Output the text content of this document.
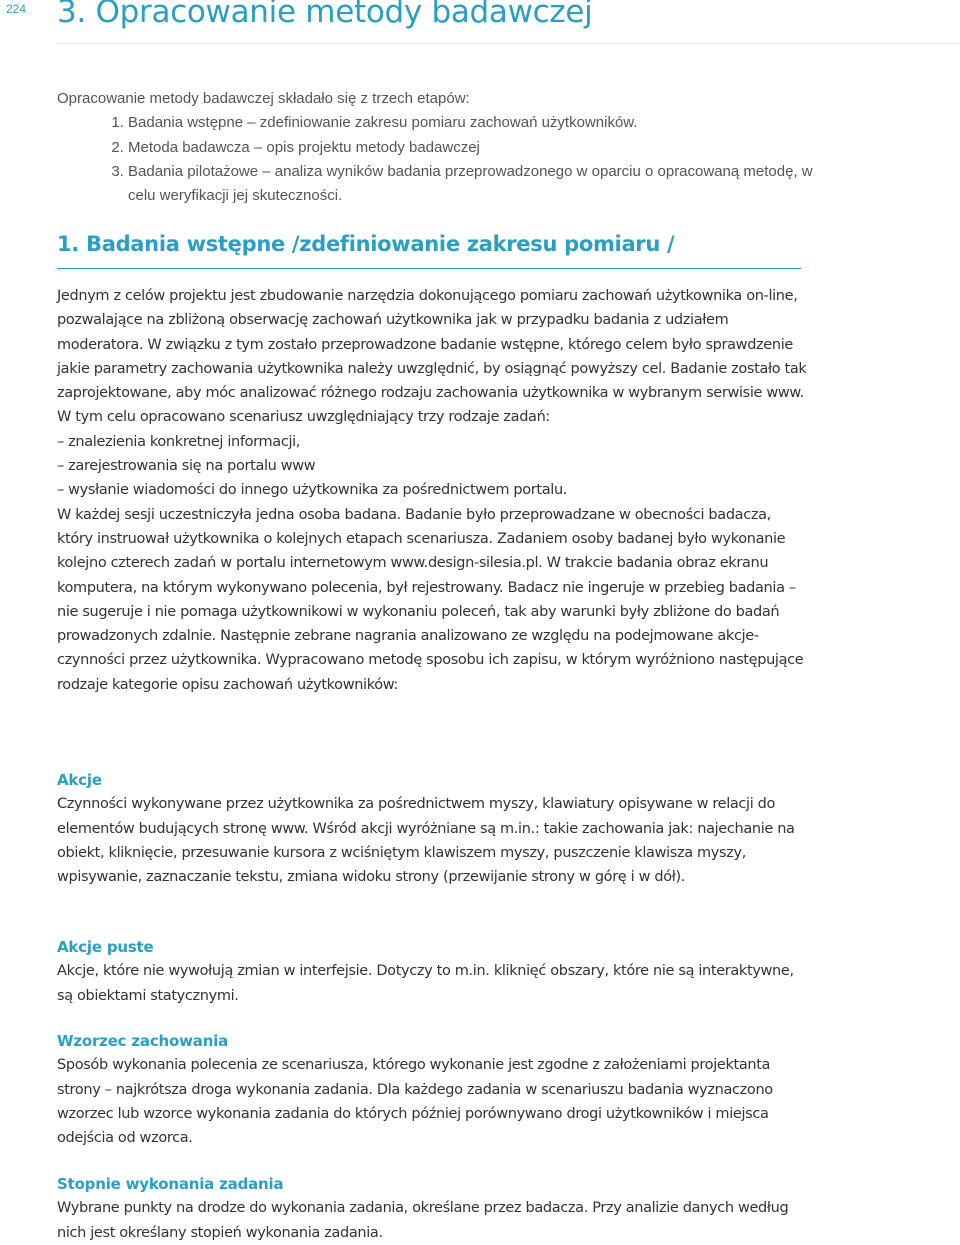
224 3. Opracowanie metody badawczej

Opracowanie metody badawczej składało się z trzech etapów:

1. Badania wstępne – zdefiniowanie zakresu pomiaru zachowań użytkowników.
2. Metoda badawcza – opis projektu metody badawczej
3. Badania pilotażowe – analiza wyników badania przeprowadzonego w oparciu o opracowaną metodę, w celu weryfikacji jej skuteczności.
1. Badania wstępne /zdefiniowanie zakresu pomiaru /

Jednym z celów projektu jest zbudowanie narzędzia dokonującego pomiaru zachowań użytkownika on-line, pozwalające na zbliżoną obserwację zachowań użytkownika jak w przypadku badania z udziałem moderatora. W związku z tym zostało przeprowadzone badanie wstępne, którego celem było sprawdzenie jakie parametry zachowania użytkownika należy uwzględnić, by osiągnąć powyższy cel. Badanie zostało tak zaprojektowane, aby móc analizować różnego rodzaju zachowania użytkownika w wybranym serwisie www.

W tym celu opracowano scenariusz uwzględniający trzy rodzaje zadań:

– znalezienia konkretnej informacji,

– zarejestrowania się na portalu www

– wysłanie wiadomości do innego użytkownika za pośrednictwem portalu.

W każdej sesji uczestniczyła jedna osoba badana. Badanie było przeprowadzane w obecności badacza, który instruował użytkownika o kolejnych etapach scenariusza. Zadaniem osoby badanej było wykonanie kolejno czterech zadań w portalu internetowym www.design-silesia.pl. W trakcie badania obraz ekranu komputera, na którym wykonywano polecenia, był rejestrowany. Badacz nie ingeruje w przebieg badania – nie sugeruje i nie pomaga użytkownikowi w wykonaniu poleceń, tak aby warunki były zbliżone do badań prowadzonych zdalnie. Następnie zebrane nagrania analizowano ze względu na podejmowane akcje-czynności przez użytkownika. Wypracowano metodę sposobu ich zapisu, w którym wyróżniono następujące rodzaje kategorie opisu zachowań użytkowników:

Akcje

Czynności wykonywane przez użytkownika za pośrednictwem myszy, klawiatury opisywane w relacji do elementów budujących stronę www. Wśród akcji wyróżniane są m.in.: takie zachowania jak: najechanie na obiekt, kliknięcie, przesuwanie kursora z wciśniętym klawiszem myszy, puszczenie klawisza myszy, wpisywanie, zaznaczanie tekstu, zmiana widoku strony (przewijanie strony w górę i w dół).

Akcje puste

Akcje, które nie wywołują zmian w interfejsie. Dotyczy to m.in. kliknięć obszary, które nie są interaktywne, są obiektami statycznymi.

Wzorzec zachowania

Sposób wykonania polecenia ze scenariusza, którego wykonanie jest zgodne z założeniami projektanta strony – najkrótsza droga wykonania zadania. Dla każdego zadania w scenariuszu badania wyznaczono wzorzec lub wzorce wykonania zadania do których później porównywano drogi użytkowników i miejsca odejścia od wzorca.

Stopnie wykonania zadania

Wybrane punkty na drodze do wykonania zadania, określane przez badacza. Przy analizie danych według nich jest określany stopień wykonania zadania.
